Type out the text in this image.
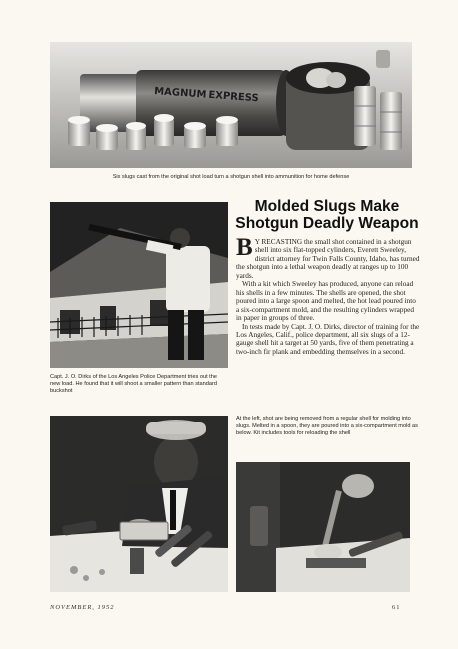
MAGNUM EXPRESS
Six slugs cast from the original shot load turn a shotgun shell into ammunition for home defense
Capt. J. O. Dirks of the Los Angeles Police Department tries out the new load. He found that it will shoot a smaller pattern than standard buckshot
Molded Slugs Make Shotgun Deadly Weapon

B Y RECASTING the small shot contained in a shotgun shell into six flat-topped cylinders, Everett Sweeley, district attorney for Twin Falls County, Idaho, has turned the shotgun into a lethal weapon deadly at ranges up to 100 yards.

With a kit which Sweeley has produced, anyone can reload his shells in a few minutes. The shells are opened, the shot poured into a large spoon and melted, the hot lead poured into a six-compartment mold, and the resulting cylinders wrapped in paper in groups of three.

In tests made by Capt. J. O. Dirks, director of training for the Los Angeles, Calif., police department, all six slugs of a 12-gauge shell hit a target at 50 yards, five of them penetrating a two-inch fir plank and embedding themselves in a second.

At the left, shot are being removed from a regular shell for molding into slugs. Melted in a spoon, they are poured into a six-compartment mold as below. Kit includes tools for reloading the shell
NOVEMBER, 1952	61
